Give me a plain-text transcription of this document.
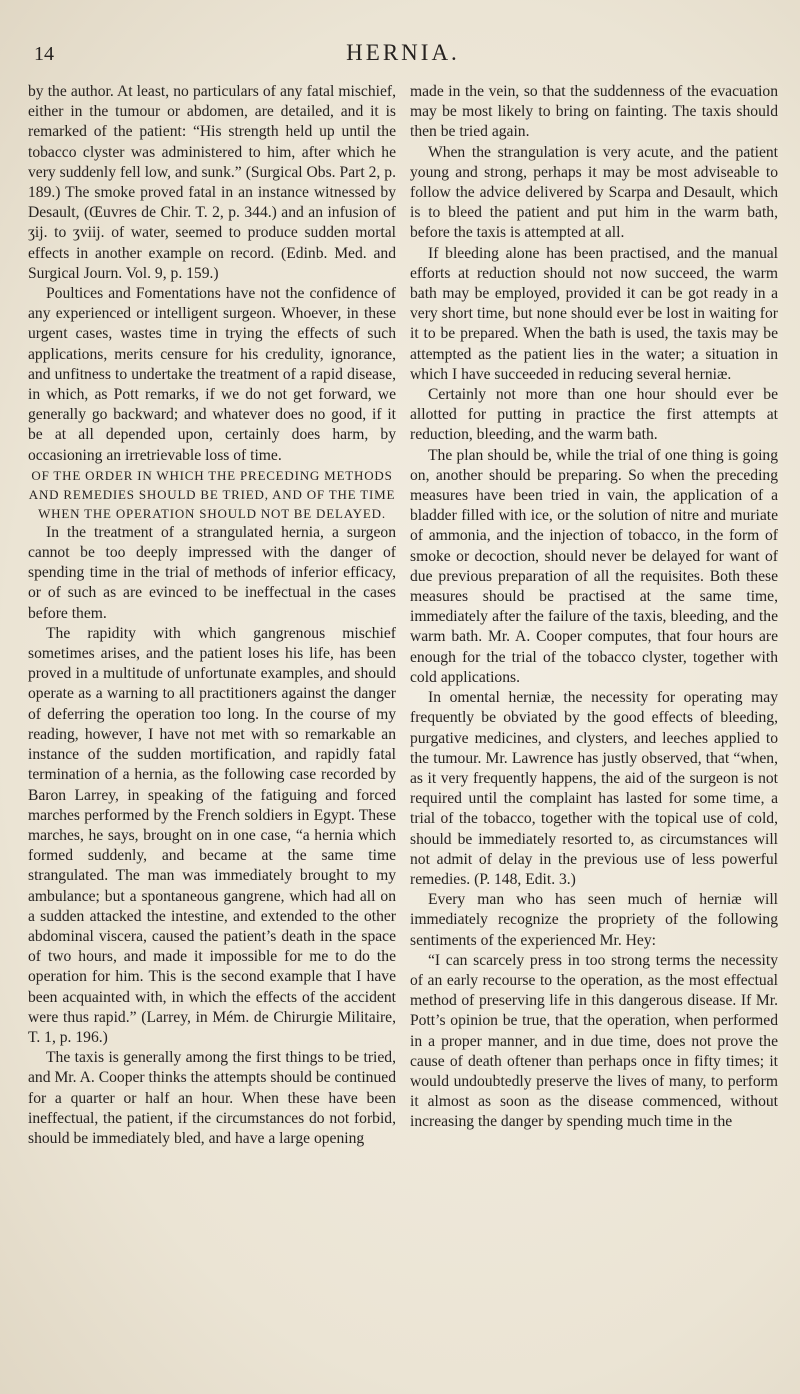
14	HERNIA.

by the author. At least, no particulars of any fatal mischief, either in the tumour or abdomen, are detailed, and it is remarked of the patient: “His strength held up until the tobacco clyster was administered to him, after which he very suddenly fell low, and sunk.” (Surgical Obs. Part 2, p. 189.) The smoke proved fatal in an instance witnessed by Desault, (Œuvres de Chir. T. 2, p. 344.) and an infusion of ʒij. to ʒviij. of water, seemed to produce sudden mortal effects in another example on record. (Edinb. Med. and Surgical Journ. Vol. 9, p. 159.)

Poultices and Fomentations have not the confidence of any experienced or intelligent surgeon. Whoever, in these urgent cases, wastes time in trying the effects of such applications, merits censure for his credulity, ignorance, and unfitness to undertake the treatment of a rapid disease, in which, as Pott remarks, if we do not get forward, we generally go backward; and whatever does no good, if it be at all depended upon, certainly does harm, by occasioning an irretrievable loss of time.

OF THE ORDER IN WHICH THE PRECEDING METHODS AND REMEDIES SHOULD BE TRIED, AND OF THE TIME WHEN THE OPERATION SHOULD NOT BE DELAYED.

In the treatment of a strangulated hernia, a surgeon cannot be too deeply impressed with the danger of spending time in the trial of methods of inferior efficacy, or of such as are evinced to be ineffectual in the cases before them.

The rapidity with which gangrenous mischief sometimes arises, and the patient loses his life, has been proved in a multitude of unfortunate examples, and should operate as a warning to all practitioners against the danger of deferring the operation too long. In the course of my reading, however, I have not met with so remarkable an instance of the sudden mortification, and rapidly fatal termination of a hernia, as the following case recorded by Baron Larrey, in speaking of the fatiguing and forced marches performed by the French soldiers in Egypt. These marches, he says, brought on in one case, “a hernia which formed suddenly, and became at the same time strangulated. The man was immediately brought to my ambulance; but a spontaneous gangrene, which had all on a sudden attacked the intestine, and extended to the other abdominal viscera, caused the patient’s death in the space of two hours, and made it impossible for me to do the operation for him. This is the second example that I have been acquainted with, in which the effects of the accident were thus rapid.” (Larrey, in Mém. de Chirurgie Militaire, T. 1, p. 196.)

The taxis is generally among the first things to be tried, and Mr. A. Cooper thinks the attempts should be continued for a quarter or half an hour. When these have been ineffectual, the patient, if the circumstances do not forbid, should be immediately bled, and have a large opening

made in the vein, so that the suddenness of the evacuation may be most likely to bring on fainting. The taxis should then be tried again.

When the strangulation is very acute, and the patient young and strong, perhaps it may be most adviseable to follow the advice delivered by Scarpa and Desault, which is to bleed the patient and put him in the warm bath, before the taxis is attempted at all.

If bleeding alone has been practised, and the manual efforts at reduction should not now succeed, the warm bath may be employed, provided it can be got ready in a very short time, but none should ever be lost in waiting for it to be prepared. When the bath is used, the taxis may be attempted as the patient lies in the water; a situation in which I have succeeded in reducing several herniæ.

Certainly not more than one hour should ever be allotted for putting in practice the first attempts at reduction, bleeding, and the warm bath.

The plan should be, while the trial of one thing is going on, another should be preparing. So when the preceding measures have been tried in vain, the application of a bladder filled with ice, or the solution of nitre and muriate of ammonia, and the injection of tobacco, in the form of smoke or decoction, should never be delayed for want of due previous preparation of all the requisites. Both these measures should be practised at the same time, immediately after the failure of the taxis, bleeding, and the warm bath. Mr. A. Cooper computes, that four hours are enough for the trial of the tobacco clyster, together with cold applications.

In omental herniæ, the necessity for operating may frequently be obviated by the good effects of bleeding, purgative medicines, and clysters, and leeches applied to the tumour. Mr. Lawrence has justly observed, that “when, as it very frequently happens, the aid of the surgeon is not required until the complaint has lasted for some time, a trial of the tobacco, together with the topical use of cold, should be immediately resorted to, as circumstances will not admit of delay in the previous use of less powerful remedies. (P. 148, Edit. 3.)

Every man who has seen much of herniæ will immediately recognize the propriety of the following sentiments of the experienced Mr. Hey:

“I can scarcely press in too strong terms the necessity of an early recourse to the operation, as the most effectual method of preserving life in this dangerous disease. If Mr. Pott’s opinion be true, that the operation, when performed in a proper manner, and in due time, does not prove the cause of death oftener than perhaps once in fifty times; it would undoubtedly preserve the lives of many, to perform it almost as soon as the disease commenced, without increasing the danger by spending much time in the
